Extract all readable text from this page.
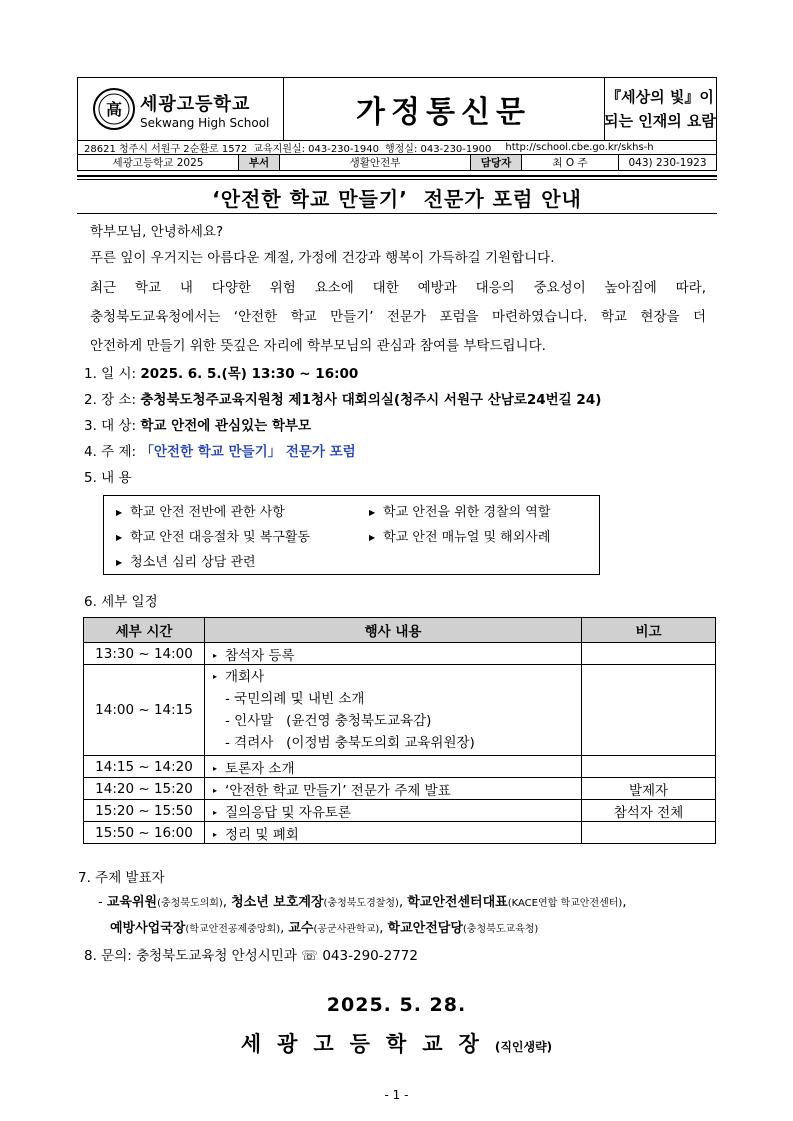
高 세광고등학교
Sekwang High School	가정통신문	『세상의 빛』이
되는 인재의 요람
28621 청주시 서원구 2순환로 1572 교육지원실: 043-230-1940 행정실: 043-230-1900 http://school.cbe.go.kr/skhs-h
세광고등학교 2025	부서	생활안전부	담당자	최 O 주	043) 230-1923
‘안전한 학교 만들기’  전문가 포럼 안내
학부모님, 안녕하세요?
푸른 잎이 우거지는 아름다운 계절, 가정에 건강과 행복이 가득하길 기원합니다.
최근 학교 내 다양한 위험 요소에 대한 예방과 대응의 중요성이 높아짐에 따라,
충청북도교육청에서는 ‘안전한 학교 만들기’ 전문가 포럼을 마련하였습니다. 학교 현장을 더
안전하게 만들기 위한 뜻깊은 자리에 학부모님의 관심과 참여를 부탁드립니다.
1. 일 시: 2025. 6. 5.(목) 13:30 ~ 16:00
2. 장 소: 충청북도청주교육지원청 제1청사 대회의실(청주시 서원구 산남로24번길 24)
3. 대 상: 학교 안전에 관심있는 학부모
4. 주 제: 「안전한 학교 만들기」 전문가 포럼
5. 내 용
▶ 학교 안전 전반에 관한 사항	▶ 학교 안전을 위한 경찰의 역할
▶ 학교 안전 대응절차 및 복구활동	▶ 학교 안전 매뉴얼 및 해외사례
▶ 청소년 심리 상담 관련
6. 세부 일정
세부 시간	행사 내용	비고
13:30 ~ 14:00	▸ 참석자 등록	
14:00 ~ 14:15	▸ 개회사
- 국민의례 및 내빈 소개
- 인사말   (윤건영 충청북도교육감)
- 격려사   (이정범 충북도의회 교육위원장)	

14:15 ~ 14:20	▸ 토론자 소개	
14:20 ~ 15:20	▸ ‘안전한 학교 만들기’ 전문가 주제 발표	발제자
15:20 ~ 15:50	▸ 질의응답 및 자유토론	참석자 전체
15:50 ~ 16:00	▸ 정리 및 폐회	
7. 주제 발표자
- 교육위원(충청북도의회), 청소년 보호계장(충청북도경찰청), 학교안전센터대표(KACE연합 학교안전센터),
예방사업국장(학교안전공제중앙회), 교수(공군사관학교), 학교안전담당(충청북도교육청)
8. 문의: 충청북도교육청 안성시민과 ☏ 043-290-2772
2025. 5. 28.
세광고등학교장(직인생략)
- 1 -
